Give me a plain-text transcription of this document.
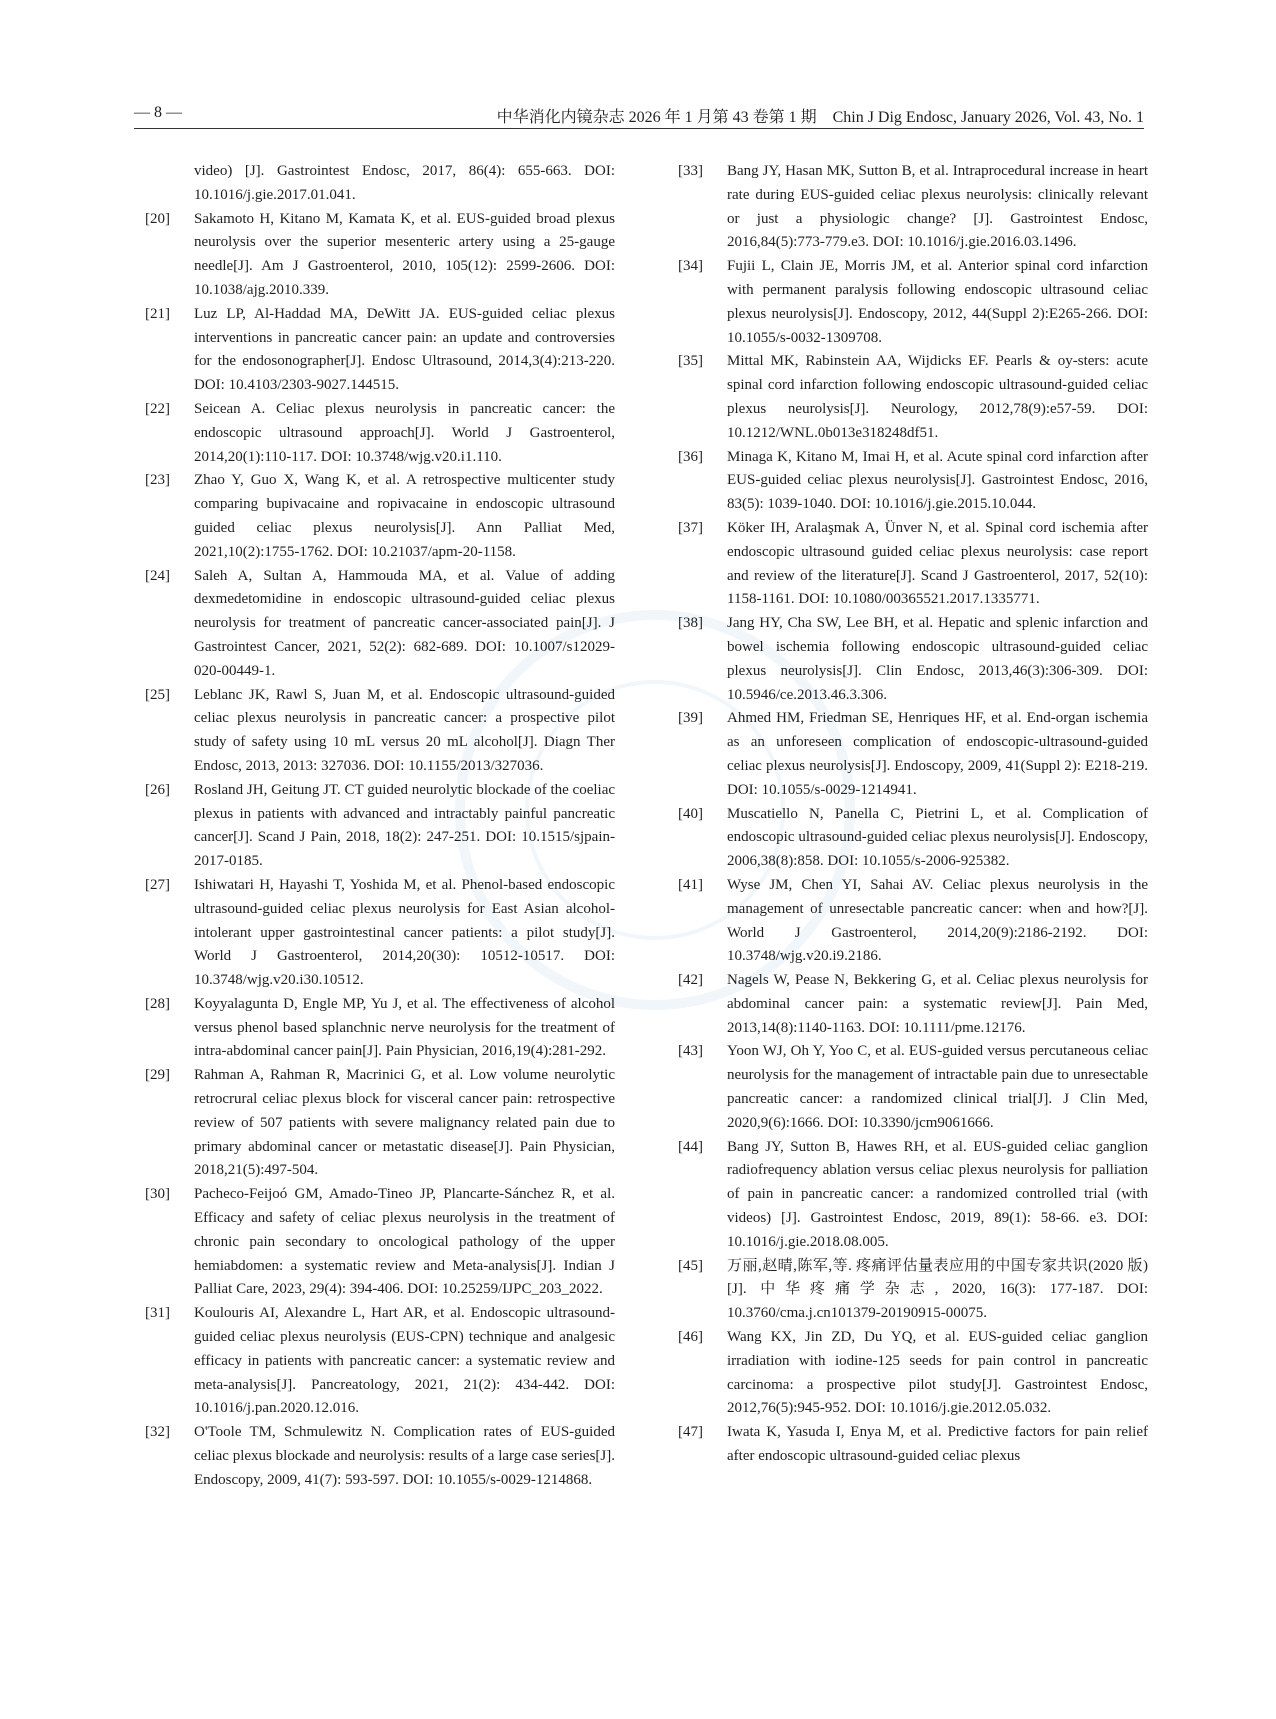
— 8 —	中华消化内镜杂志 2026 年 1 月第 43 卷第 1 期　Chin J Dig Endosc, January 2026, Vol. 43, No. 1
video) [J]. Gastrointest Endosc, 2017, 86(4): 655-663. DOI: 10.1016/j.gie.2017.01.041.
[20]	Sakamoto H, Kitano M, Kamata K, et al. EUS-guided broad plexus neurolysis over the superior mesenteric artery using a 25-gauge needle[J]. Am J Gastroenterol, 2010, 105(12): 2599-2606. DOI: 10.1038/ajg.2010.339.
[21]	Luz LP, Al-Haddad MA, DeWitt JA. EUS-guided celiac plexus interventions in pancreatic cancer pain: an update and controversies for the endosonographer[J]. Endosc Ultrasound, 2014,3(4):213-220. DOI: 10.4103/2303-9027.144515.
[22]	Seicean A. Celiac plexus neurolysis in pancreatic cancer: the endoscopic ultrasound approach[J]. World J Gastroenterol, 2014,20(1):110-117. DOI: 10.3748/wjg.v20.i1.110.
[23]	Zhao Y, Guo X, Wang K, et al. A retrospective multicenter study comparing bupivacaine and ropivacaine in endoscopic ultrasound guided celiac plexus neurolysis[J]. Ann Palliat Med, 2021,10(2):1755-1762. DOI: 10.21037/apm-20-1158.
[24]	Saleh A, Sultan A, Hammouda MA, et al. Value of adding dexmedetomidine in endoscopic ultrasound-guided celiac plexus neurolysis for treatment of pancreatic cancer-associated pain[J]. J Gastrointest Cancer, 2021, 52(2): 682-689. DOI: 10.1007/s12029-020-00449-1.
[25]	Leblanc JK, Rawl S, Juan M, et al. Endoscopic ultrasound-guided celiac plexus neurolysis in pancreatic cancer: a prospective pilot study of safety using 10 mL versus 20 mL alcohol[J]. Diagn Ther Endosc, 2013, 2013: 327036. DOI: 10.1155/2013/327036.
[26]	Rosland JH, Geitung JT. CT guided neurolytic blockade of the coeliac plexus in patients with advanced and intractably painful pancreatic cancer[J]. Scand J Pain, 2018, 18(2): 247-251. DOI: 10.1515/sjpain-2017-0185.
[27]	Ishiwatari H, Hayashi T, Yoshida M, et al. Phenol-based endoscopic ultrasound-guided celiac plexus neurolysis for East Asian alcohol-intolerant upper gastrointestinal cancer patients: a pilot study[J]. World J Gastroenterol, 2014,20(30): 10512-10517. DOI: 10.3748/wjg.v20.i30.10512.
[28]	Koyyalagunta D, Engle MP, Yu J, et al. The effectiveness of alcohol versus phenol based splanchnic nerve neurolysis for the treatment of intra-abdominal cancer pain[J]. Pain Physician, 2016,19(4):281-292.
[29]	Rahman A, Rahman R, Macrinici G, et al. Low volume neurolytic retrocrural celiac plexus block for visceral cancer pain: retrospective review of 507 patients with severe malignancy related pain due to primary abdominal cancer or metastatic disease[J]. Pain Physician, 2018,21(5):497-504.
[30]	Pacheco-Feijoó GM, Amado-Tineo JP, Plancarte-Sánchez R, et al. Efficacy and safety of celiac plexus neurolysis in the treatment of chronic pain secondary to oncological pathology of the upper hemiabdomen: a systematic review and Meta-analysis[J]. Indian J Palliat Care, 2023, 29(4): 394-406. DOI: 10.25259/IJPC_203_2022.
[31]	Koulouris AI, Alexandre L, Hart AR, et al. Endoscopic ultrasound-guided celiac plexus neurolysis (EUS-CPN) technique and analgesic efficacy in patients with pancreatic cancer: a systematic review and meta-analysis[J]. Pancreatology, 2021, 21(2): 434-442. DOI: 10.1016/j.pan.2020.12.016.
[32]	O'Toole TM, Schmulewitz N. Complication rates of EUS-guided celiac plexus blockade and neurolysis: results of a large case series[J]. Endoscopy, 2009, 41(7): 593-597. DOI: 10.1055/s-0029-1214868.
[33]	Bang JY, Hasan MK, Sutton B, et al. Intraprocedural increase in heart rate during EUS-guided celiac plexus neurolysis: clinically relevant or just a physiologic change? [J]. Gastrointest Endosc, 2016,84(5):773-779.e3. DOI: 10.1016/j.gie.2016.03.1496.
[34]	Fujii L, Clain JE, Morris JM, et al. Anterior spinal cord infarction with permanent paralysis following endoscopic ultrasound celiac plexus neurolysis[J]. Endoscopy, 2012, 44(Suppl 2):E265-266. DOI: 10.1055/s-0032-1309708.
[35]	Mittal MK, Rabinstein AA, Wijdicks EF. Pearls & oy-sters: acute spinal cord infarction following endoscopic ultrasound-guided celiac plexus neurolysis[J]. Neurology, 2012,78(9):e57-59. DOI: 10.1212/WNL.0b013e318248df51.
[36]	Minaga K, Kitano M, Imai H, et al. Acute spinal cord infarction after EUS-guided celiac plexus neurolysis[J]. Gastrointest Endosc, 2016, 83(5): 1039-1040. DOI: 10.1016/j.gie.2015.10.044.
[37]	Köker IH, Aralaşmak A, Ünver N, et al. Spinal cord ischemia after endoscopic ultrasound guided celiac plexus neurolysis: case report and review of the literature[J]. Scand J Gastroenterol, 2017, 52(10): 1158-1161. DOI: 10.1080/00365521.2017.1335771.
[38]	Jang HY, Cha SW, Lee BH, et al. Hepatic and splenic infarction and bowel ischemia following endoscopic ultrasound-guided celiac plexus neurolysis[J]. Clin Endosc, 2013,46(3):306-309. DOI: 10.5946/ce.2013.46.3.306.
[39]	Ahmed HM, Friedman SE, Henriques HF, et al. End-organ ischemia as an unforeseen complication of endoscopic-ultrasound-guided celiac plexus neurolysis[J]. Endoscopy, 2009, 41(Suppl 2): E218-219. DOI: 10.1055/s-0029-1214941.
[40]	Muscatiello N, Panella C, Pietrini L, et al. Complication of endoscopic ultrasound-guided celiac plexus neurolysis[J]. Endoscopy, 2006,38(8):858. DOI: 10.1055/s-2006-925382.
[41]	Wyse JM, Chen YI, Sahai AV. Celiac plexus neurolysis in the management of unresectable pancreatic cancer: when and how?[J]. World J Gastroenterol, 2014,20(9):2186-2192. DOI: 10.3748/wjg.v20.i9.2186.
[42]	Nagels W, Pease N, Bekkering G, et al. Celiac plexus neurolysis for abdominal cancer pain: a systematic review[J]. Pain Med, 2013,14(8):1140-1163. DOI: 10.1111/pme.12176.
[43]	Yoon WJ, Oh Y, Yoo C, et al. EUS-guided versus percutaneous celiac neurolysis for the management of intractable pain due to unresectable pancreatic cancer: a randomized clinical trial[J]. J Clin Med, 2020,9(6):1666. DOI: 10.3390/jcm9061666.
[44]	Bang JY, Sutton B, Hawes RH, et al. EUS-guided celiac ganglion radiofrequency ablation versus celiac plexus neurolysis for palliation of pain in pancreatic cancer: a randomized controlled trial (with videos) [J]. Gastrointest Endosc, 2019, 89(1): 58-66. e3. DOI: 10.1016/j.gie.2018.08.005.
[45]	万丽,赵晴,陈军,等. 疼痛评估量表应用的中国专家共识(2020 版)[J]. 中华疼痛学杂志, 2020, 16(3): 177-187. DOI: 10.3760/cma.j.cn101379-20190915-00075.
[46]	Wang KX, Jin ZD, Du YQ, et al. EUS-guided celiac ganglion irradiation with iodine-125 seeds for pain control in pancreatic carcinoma: a prospective pilot study[J]. Gastrointest Endosc, 2012,76(5):945-952. DOI: 10.1016/j.gie.2012.05.032.
[47]	Iwata K, Yasuda I, Enya M, et al. Predictive factors for pain relief after endoscopic ultrasound-guided celiac plexus
